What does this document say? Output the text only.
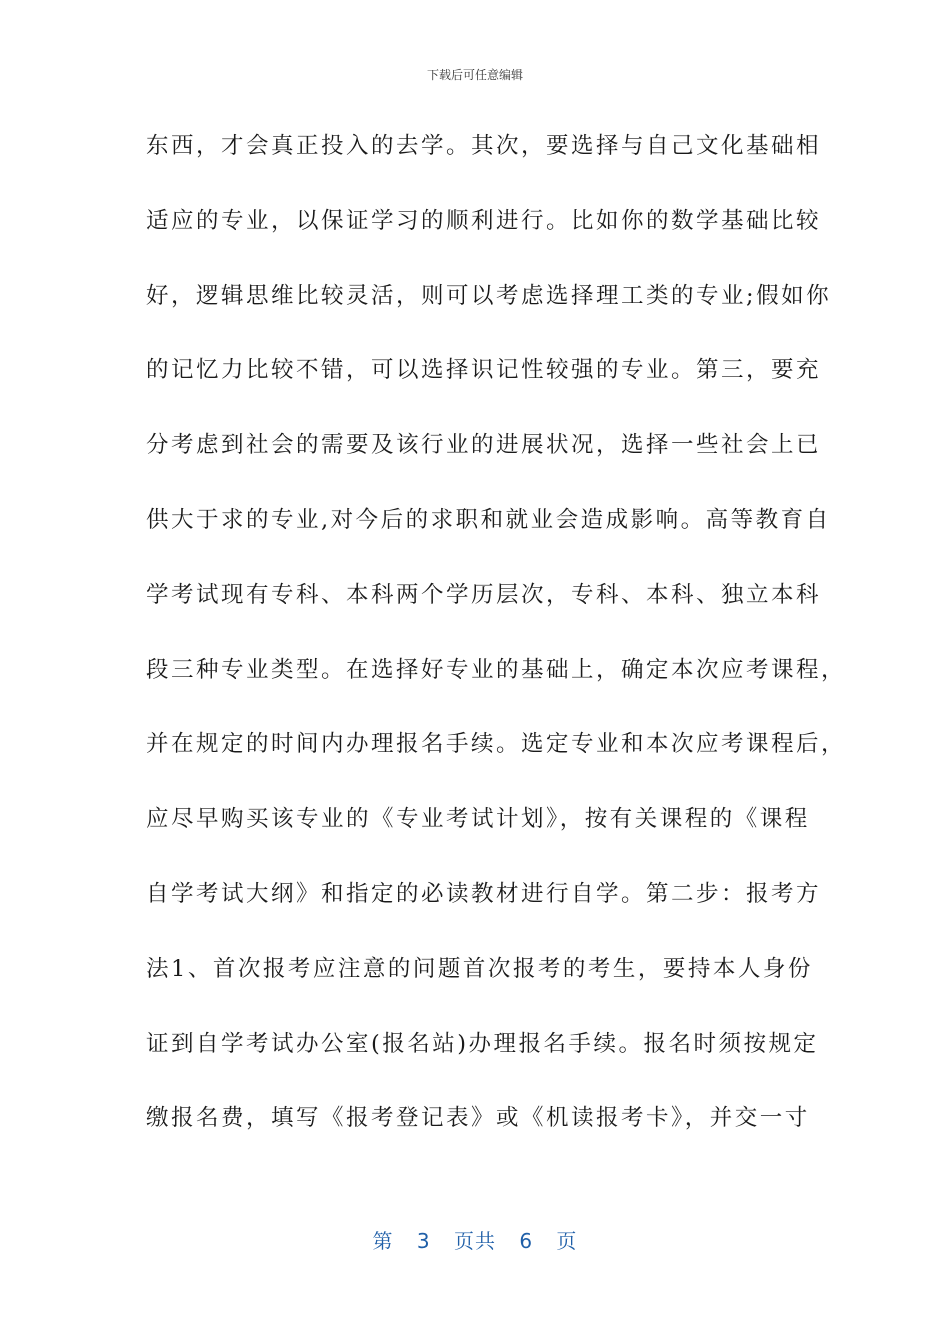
下载后可任意编辑
东西，才会真正投入的去学。其次，要选择与自己文化基础相
适应的专业，以保证学习的顺利进行。比如你的数学基础比较
好，逻辑思维比较灵活，则可以考虑选择理工类的专业;假如你
的记忆力比较不错，可以选择识记性较强的专业。第三，要充
分考虑到社会的需要及该行业的进展状况，选择一些社会上已
供大于求的专业,对今后的求职和就业会造成影响。高等教育自
学考试现有专科、本科两个学历层次，专科、本科、独立本科
段三种专业类型。在选择好专业的基础上，确定本次应考课程，
并在规定的时间内办理报名手续。选定专业和本次应考课程后，
应尽早购买该专业的《专业考试计划》，按有关课程的《课程
自学考试大纲》和指定的必读教材进行自学。第二步：报考方
法1、首次报考应注意的问题首次报考的考生，要持本人身份
证到自学考试办公室(报名站)办理报名手续。报名时须按规定
缴报名费，填写《报考登记表》或《机读报考卡》，并交一寸
第 3 页共 6 页
